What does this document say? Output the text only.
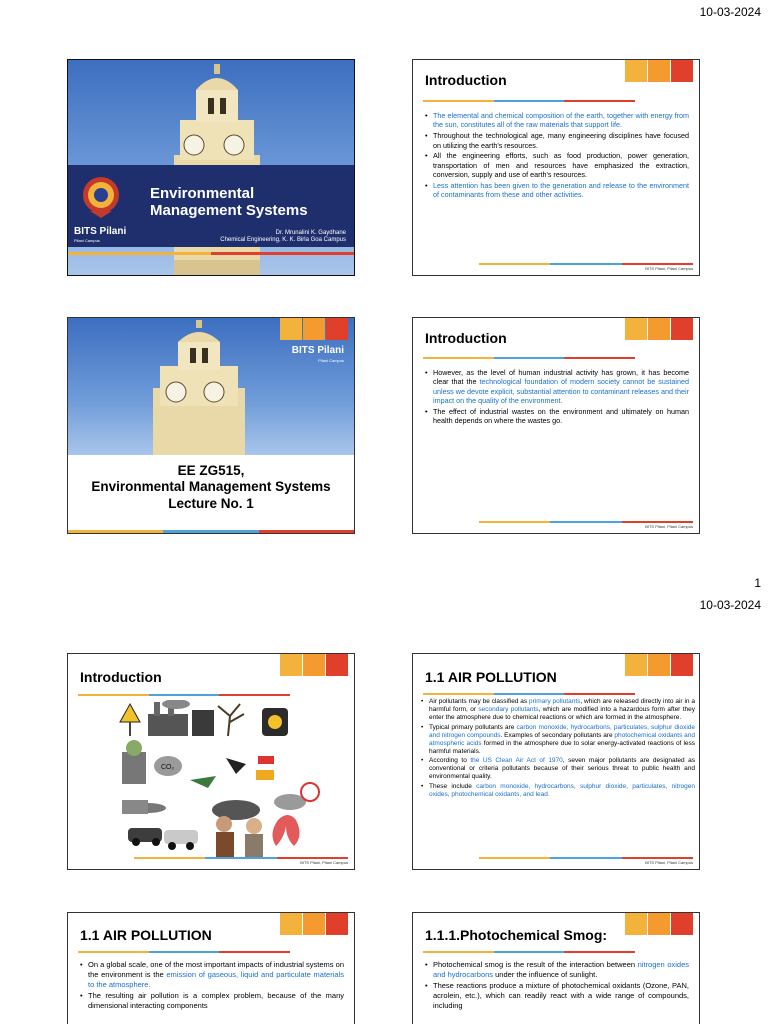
10-03-2024
BITS Pilani
Pilani Campus
Environmental
Management Systems
Dr. Mrunalini K. Gaydhane
Chemical Engineering, K. K. Birla Goa Campus
Introduction
• The elemental and chemical composition of the earth, together with energy from the sun, constitutes all of the raw materials that support life.
• Throughout the technological age, many engineering disciplines have focused on utilizing the earth's resources.
• All the engineering efforts, such as food production, power generation, transportation of men and resources have emphasized the extraction, conversion, supply and use of earth's resources.
• Less attention has been given to the generation and release to the environment of contaminants from these and other activities.
BITS Pilani, Pilani Campus
BITS Pilani
Pilani Campus
EE ZG515,
Environmental Management Systems
Lecture No. 1
Introduction
• However, as the level of human industrial activity has grown, it has become clear that the technological foundation of modern society cannot be sustained unless we devote explicit, substantial attention to contaminant releases and their impact on the quality of the environment.
• The effect of industrial wastes on the environment and ultimately on human health depends on where the wastes go.
BITS Pilani, Pilani Campus
1
10-03-2024
Introduction
CO₂
BITS Pilani, Pilani Campus
1.1 AIR POLLUTION
• Air pollutants may be classified as primary pollutants, which are released directly into air in a harmful form, or secondary pollutants, which are modified into a hazardous form after they enter the atmosphere due to chemical reactions or which are formed in the atmosphere.
• Typical primary pollutants are carbon monoxide, hydrocarbons, particulates, sulphur dioxide and nitrogen compounds. Examples of secondary pollutants are photochemical oxidants and atmospheric acids formed in the atmosphere due to solar energy-activated reactions of less harmful materials.
• According to the US Clean Air Act of 1970, seven major pollutants are designated as conventional or criteria pollutants because of their serious threat to public health and environmental quality.
• These include carbon monoxide, hydrocarbons, sulphur dioxide, particulates, nitrogen oxides, photochemical oxidants, and lead.
BITS Pilani, Pilani Campus
1.1 AIR POLLUTION
• On a global scale, one of the most important impacts of industrial systems on the environment is the emission of gaseous, liquid and particulate materials to the atmosphere.
• The resulting air pollution is a complex problem, because of the many dimensional interacting components
1.1.1.Photochemical Smog:
• Photochemical smog is the result of the interaction between nitrogen oxides and hydrocarbons under the influence of sunlight.
• These reactions produce a mixture of photochemical oxidants (Ozone, PAN, acrolein, etc.), which can readily react with a wide range of compounds, including
